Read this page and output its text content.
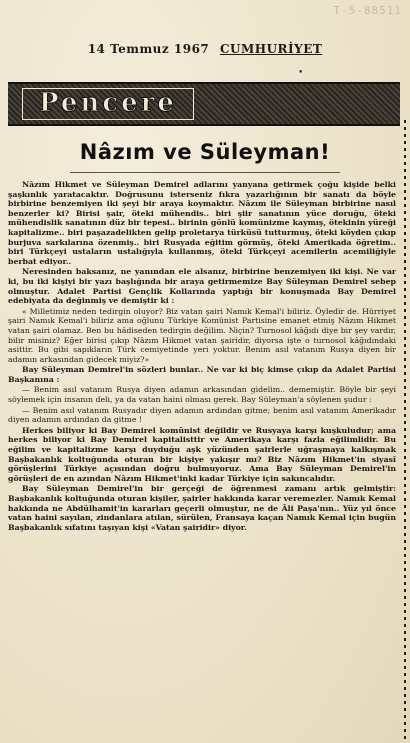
T-5-88511
14 Temmuz 1967 CUMHURİYET
•
Pencere
Nâzım ve Süleyman!

Nâzım Hikmet ve Süleyman Demirel adlarını yanyana getirmek çoğu kişide belki şaşkınlık yaratacaktır. Doğrusunu isterseniz fıkra yazarlığının bir sanatı da böyle birbirine benzemiyen iki şeyi bir araya koymaktır. Nâzım ile Süleyman birbirine nasıl benzerler ki? Birisi şair, öteki mühendis.. biri şiir sanatının yüce doruğu, öteki mühendislik sanatının düz bir tepesi.. birinin gönlü komünizme kaymış, ötekinin yüreği kapitalizme.. biri paşazadelikten gelip proletarya türküsü tutturmuş, öteki köyden çıkıp burjuva sarkılarına özenmiş.. biri Rusyada eğitim görmüş, öteki Amerikada öğretim.. biri Türkçeyi ustaların ustalığıyla kullanmış, öteki Türkçeyi acemilerin acemiliğiyle berbat ediyor..

Neresinden baksanız, ne yanından ele alsanız, birbirine benzemiyen iki kişi. Ne var ki, bu iki kişiyi bir yazı başlığında bir araya getirmemize Bay Süleyman Demirel sebep olmuştur. Adalet Partisi Gençlik Kollarında yaptığı bir konuşmada Bay Demirel edebiyata da değinmiş ve demiştir ki :

« Milletimiz neden tedirgin oluyor? Biz vatan şairi Namık Kemal'i biliriz. Öyledir de. Hürriyet şairi Namık Kemal'i biliriz ama oğlunu Türkiye Komünist Partisine emanet etmiş Nâzım Hikmet vatan şairi olamaz. Ben bu hâdiseden tedirgin değilim. Niçin? Turnosol kâğıdı diye bir şey vardır, bilir misiniz? Eğer birisi çıkıp Nâzım Hikmet vatan şairidir, diyorsa işte o turnosol kâğıdındaki asittir. Bu gibi sapıkların Türk cemiyetinde yeri yoktur. Benim asıl vatanım Rusya diyen bir adamın arkasından gidecek miyiz?»

Bay Süleyman Demirel'in sözleri bunlar.. Ne var ki biç kimse çıkıp da Adalet Partisi Başkanına :

— Benim asıl vatanım Rusya diyen adamın arkasından gidelim.. dememiştir. Böyle bir şeyi söylemek için insanın deli, ya da vatan haini olması gerek. Bay Süleyman'a söylenen şudur :

— Benim asıl vatanım Rusyadır diyen adamın ardından gitme; benim asıl vatanım Amerikadır diyen adamın ardından da gitme !

Herkes biliyor ki Bay Demirel komünist değildir ve Rusyaya karşı kuşkuludur; ama herkes biliyor ki Bay Demirel kapitalisttir ve Amerikaya karşı fazla eğilimlidir. Bu eğilim ve kapitalizme karşı duyduğu aşk yüzünden şairlerle uğraşmaya kalkışmak Başbakanlık koltuğunda oturan bir kişiye yakışır mı? Biz Nâzım Hikmet'in siyasî görüşlerini Türkiye açısından doğru bulmuyoruz. Ama Bay Süleyman Demirel'in görüşleri de en azından Nâzım Hikmet'inki kadar Türkiye için sakıncalıdır.

Bay Süleyman Demirel'in bir gerçeği de öğrenmesi zamanı artık gelmiştir: Başbakanlık koltuğunda oturan kişiler, şairler hakkında karar veremezler. Namık Kemal hakkında ne Abdülhamit'in kararları geçerli olmuştur, ne de Âli Paşa'nın.. Yüz yıl önce vatan haini sayılan, zindanlara atılan, sürülen, Fransaya kaçan Namık Kemal için bugün Başbakanlık sıfatını taşıyan kişi «Vatan şairidir» diyor.
